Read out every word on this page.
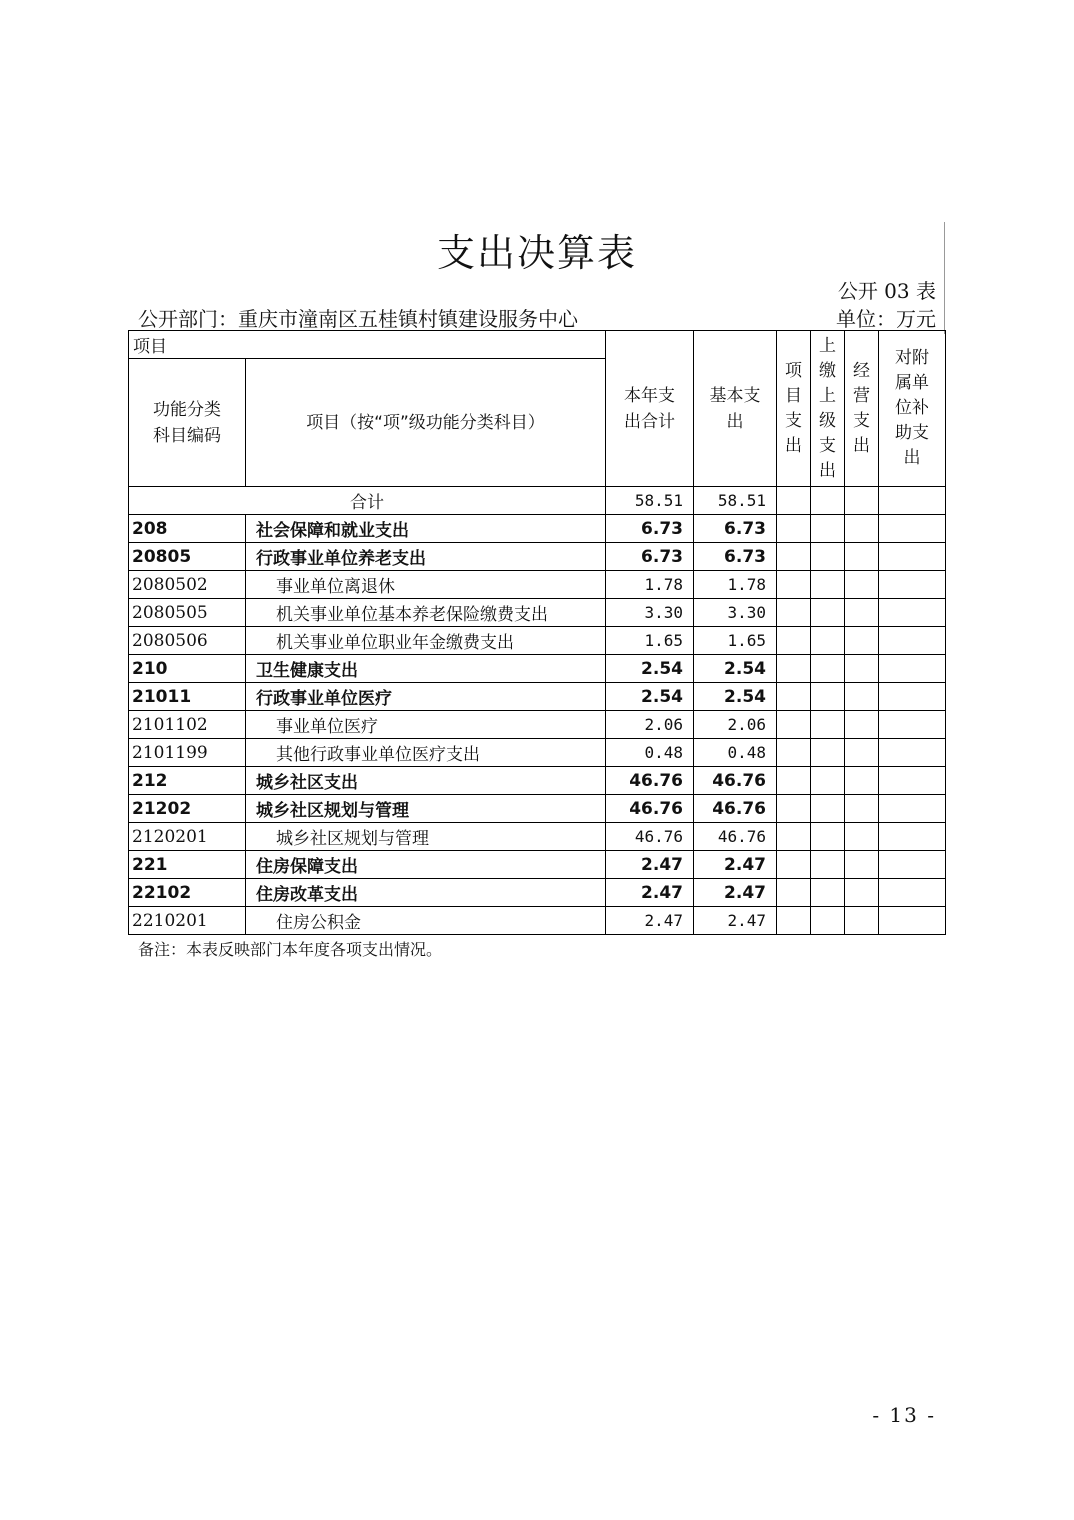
支出决算表
公开 03 表
公开部门：重庆市潼南区五桂镇村镇建设服务中心	单位：万元
项目		本年支出合计	基本支出	项目支出	上缴上级支出	经营支出	对附属单位补助支出

功能分类科目编码	项目（按“项”级功能分类科目）						
合计		58.51	58.51				
208	社会保障和就业支出	6.73	6.73				
20805	行政事业单位养老支出	6.73	6.73				
2080502	事业单位离退休	1.78	1.78				
2080505	机关事业单位基本养老保险缴费支出	3.30	3.30				
2080506	机关事业单位职业年金缴费支出	1.65	1.65				
210	卫生健康支出	2.54	2.54				
21011	行政事业单位医疗	2.54	2.54				
2101102	事业单位医疗	2.06	2.06				
2101199	其他行政事业单位医疗支出	0.48	0.48				
212	城乡社区支出	46.76	46.76				
21202	城乡社区规划与管理	46.76	46.76				
2120201	城乡社区规划与管理	46.76	46.76				
221	住房保障支出	2.47	2.47				
22102	住房改革支出	2.47	2.47				
2210201	住房公积金	2.47	2.47				
备注：本表反映部门本年度各项支出情况。
- 13 -
